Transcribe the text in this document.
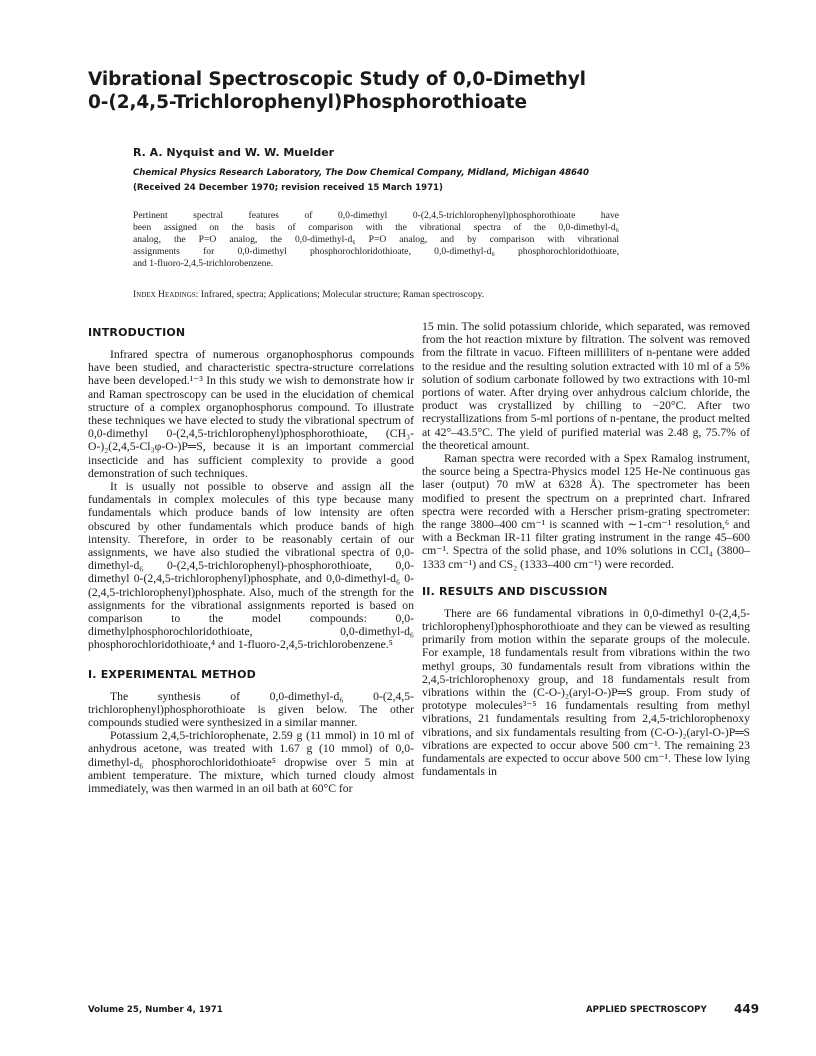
Vibrational Spectroscopic Study of 0,0-Dimethyl
0-(2,4,5-Trichlorophenyl)Phosphorothioate

R. A. Nyquist and W. W. Muelder

Chemical Physics Research Laboratory, The Dow Chemical Company, Midland, Michigan 48640

(Received 24 December 1970; revision received 15 March 1971)

Pertinent spectral features of 0,0-dimethyl 0-(2,4,5-trichlorophenyl)phosphorothioate have
been assigned on the basis of comparison with the vibrational spectra of the 0,0-dimethyl-d₆
analog, the P=O analog, the 0,0-dimethyl-d₆ P=O analog, and by comparison with vibrational
assignments for 0,0-dimethyl phosphorochloridothioate, 0,0-dimethyl-d₆ phosphorochloridothioate,
and 1-fluoro-2,4,5-trichlorobenzene.

Index Headings: Infrared, spectra; Applications; Molecular structure; Raman spectroscopy.

INTRODUCTION

Infrared spectra of numerous organophosphorus compounds have been studied, and characteristic spectra-structure correlations have been developed.¹⁻³ In this study we wish to demonstrate how ir and Raman spectroscopy can be used in the elucidation of chemical structure of a complex organophosphorus compound. To illustrate these techniques we have elected to study the vibrational spectrum of 0,0-dimethyl 0-(2,4,5-trichlorophenyl)phosphorothioate, (CH₃-O-)₂(2,4,5-Cl₃φ-O-)P═S, because it is an important commercial insecticide and has sufficient complexity to provide a good demonstration of such techniques.

It is usually not possible to observe and assign all the fundamentals in complex molecules of this type because many fundamentals which produce bands of low intensity are often obscured by other fundamentals which produce bands of high intensity. Therefore, in order to be reasonably certain of our assignments, we have also studied the vibrational spectra of 0,0-dimethyl-d₆ 0-(2,4,5-trichlorophenyl)-phosphorothioate, 0,0-dimethyl 0-(2,4,5-trichlorophenyl)phosphate, and 0,0-dimethyl-d₆ 0-(2,4,5-trichlorophenyl)phosphate. Also, much of the strength for the assignments for the vibrational assignments reported is based on comparison to the model compounds: 0,0-dimethylphosphorochloridothioate, 0,0-dimethyl-d₆ phosphorochloridothioate,⁴ and 1-fluoro-2,4,5-trichlorobenzene.⁵

I. EXPERIMENTAL METHOD

The synthesis of 0,0-dimethyl-d₆ 0-(2,4,5-trichlorophenyl)phosphorothioate is given below. The other compounds studied were synthesized in a similar manner.

Potassium 2,4,5-trichlorophenate, 2.59 g (11 mmol) in 10 ml of anhydrous acetone, was treated with 1.67 g (10 mmol) of 0,0-dimethyl-d₆ phosphorochloridothioate⁵ dropwise over 5 min at ambient temperature. The mixture, which turned cloudy almost immediately, was then warmed in an oil bath at 60°C for

15 min. The solid potassium chloride, which separated, was removed from the hot reaction mixture by filtration. The solvent was removed from the filtrate in vacuo. Fifteen milliliters of n-pentane were added to the residue and the resulting solution extracted with 10 ml of a 5% solution of sodium carbonate followed by two extractions with 10-ml portions of water. After drying over anhydrous calcium chloride, the product was crystallized by chilling to −20°C. After two recrystallizations from 5-ml portions of n-pentane, the product melted at 42°–43.5°C. The yield of purified material was 2.48 g, 75.7% of the theoretical amount.

Raman spectra were recorded with a Spex Ramalog instrument, the source being a Spectra-Physics model 125 He-Ne continuous gas laser (output) 70 mW at 6328 Å). The spectrometer has been modified to present the spectrum on a preprinted chart. Infrared spectra were recorded with a Herscher prism-grating spectrometer: the range 3800–400 cm⁻¹ is scanned with ∼1-cm⁻¹ resolution,⁶ and with a Beckman IR-11 filter grating instrument in the range 45–600 cm⁻¹. Spectra of the solid phase, and 10% solutions in CCl₄ (3800–1333 cm⁻¹) and CS₂ (1333–400 cm⁻¹) were recorded.

II. RESULTS AND DISCUSSION

There are 66 fundamental vibrations in 0,0-dimethyl 0-(2,4,5-trichlorophenyl)phosphorothioate and they can be viewed as resulting primarily from motion within the separate groups of the molecule. For example, 18 fundamentals result from vibrations within the two methyl groups, 30 fundamentals result from vibrations within the 2,4,5-trichlorophenoxy group, and 18 fundamentals result from vibrations within the (C-O-)₂(aryl-O-)P═S group. From study of prototype molecules³⁻⁵ 16 fundamentals resulting from methyl vibrations, 21 fundamentals resulting from 2,4,5-trichlorophenoxy vibrations, and six fundamentals resulting from (C-O-)₂(aryl-O-)P═S vibrations are expected to occur above 500 cm⁻¹. The remaining 23 fundamentals are expected to occur above 500 cm⁻¹. These low lying fundamentals in

Volume 25, Number 4, 1971	APPLIED SPECTROSCOPY 449
